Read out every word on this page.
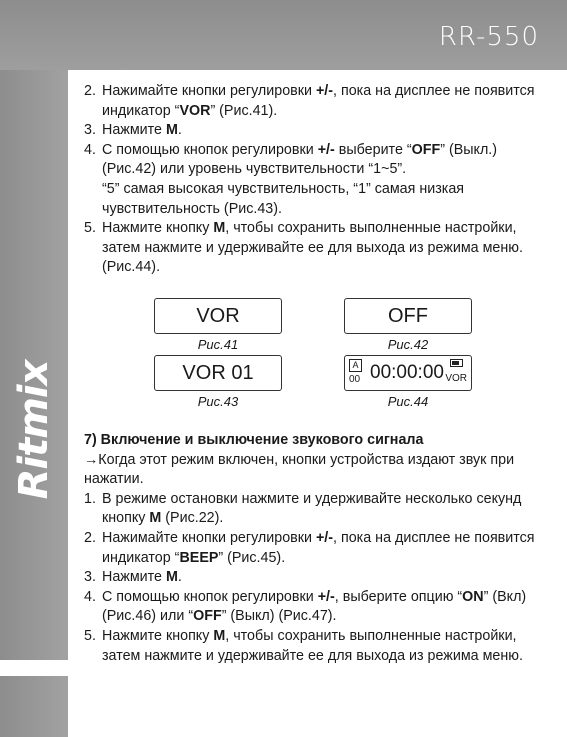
RR-550
Ritmix
2. Нажимайте кнопки регулировки +/-, пока на дисплее не появится индикатор “VOR” (Рис.41).
3. Нажмите M.
4. С помощью кнопок регулировки +/- выберите “OFF” (Выкл.) (Рис.42) или уровень чувствительности “1~5”.
“5” самая высокая чувствительность, “1” самая низкая чувствительность (Рис.43).
5. Нажмите кнопку M, чтобы сохранить выполненные настройки, затем нажмите и удерживайте ее для выхода из режима меню. (Рис.44).
VOR
Рис.41
OFF
Рис.42
VOR 01
Рис.43
A
00 00:00:00 VOR
Рис.44
7) Включение и выключение звукового сигнала
→Когда этот режим включен, кнопки устройства издают звук при нажатии.
1. В режиме остановки нажмите и удерживайте несколько секунд кнопку M (Рис.22).
2. Нажимайте кнопки регулировки +/-, пока на дисплее не появится индикатор “BEEP” (Рис.45).
3. Нажмите M.
4. С помощью кнопок регулировки +/-, выберите опцию “ON” (Вкл) (Рис.46) или “OFF” (Выкл) (Рис.47).
5. Нажмите кнопку M, чтобы сохранить выполненные настройки, затем нажмите и удерживайте ее для выхода из режима меню.
